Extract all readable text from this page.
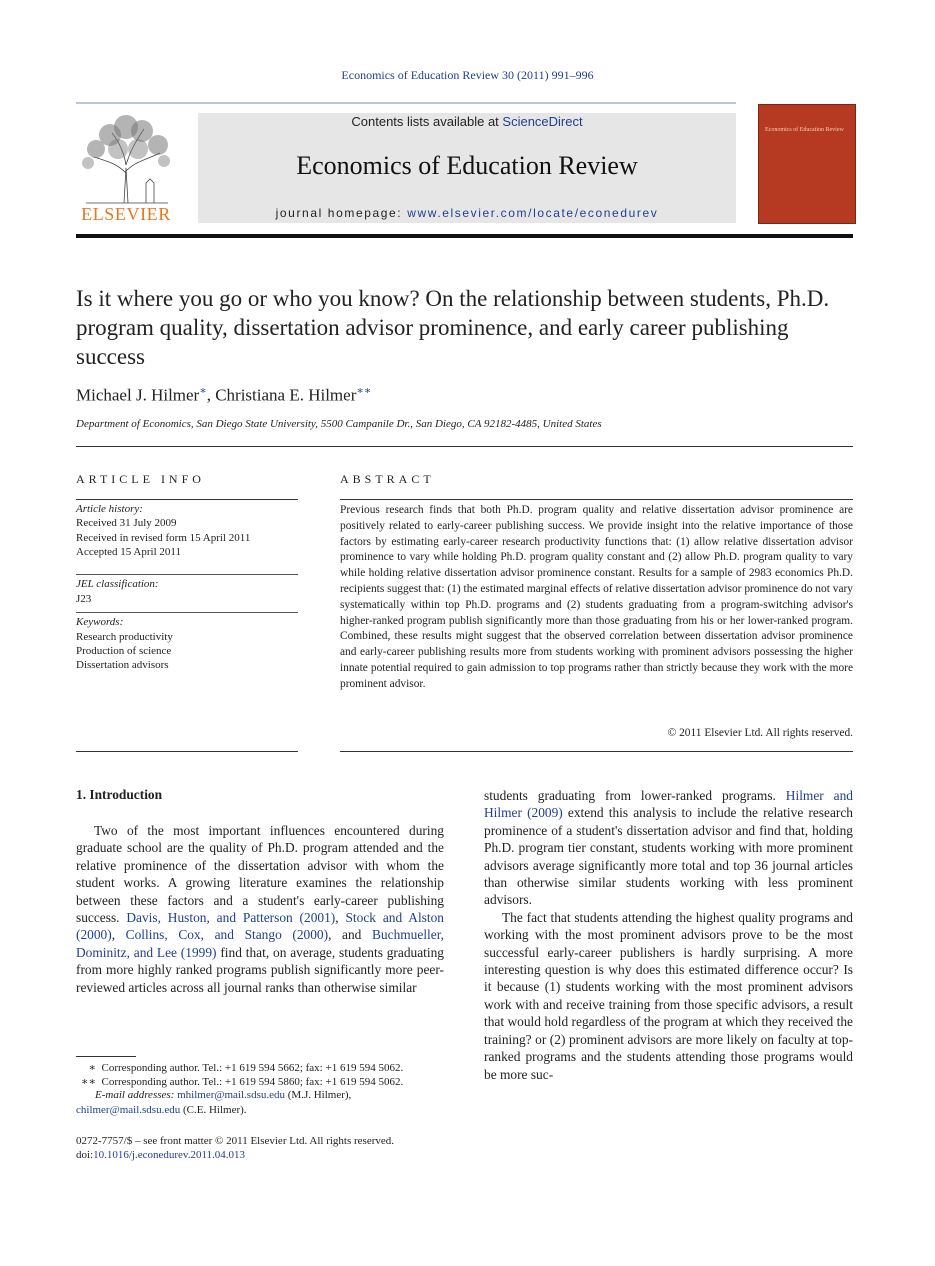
Economics of Education Review 30 (2011) 991–996
ELSEVIER
Contents lists available at ScienceDirect
Economics of Education Review
journal homepage: www.elsevier.com/locate/econedurev
Economics of Education Review
Is it where you go or who you know? On the relationship between students, Ph.D. program quality, dissertation advisor prominence, and early career publishing success
Michael J. Hilmer∗, Christiana E. Hilmer∗∗
Department of Economics, San Diego State University, 5500 Campanile Dr., San Diego, CA 92182-4485, United States
ARTICLE INFO
Article history:
Received 31 July 2009
Received in revised form 15 April 2011
Accepted 15 April 2011
JEL classification:
J23
Keywords:
Research productivity
Production of science
Dissertation advisors
ABSTRACT
Previous research finds that both Ph.D. program quality and relative dissertation advisor prominence are positively related to early-career publishing success. We provide insight into the relative importance of those factors by estimating early-career research productivity functions that: (1) allow relative dissertation advisor prominence to vary while holding Ph.D. program quality constant and (2) allow Ph.D. program quality to vary while holding relative dissertation advisor prominence constant. Results for a sample of 2983 economics Ph.D. recipients suggest that: (1) the estimated marginal effects of relative dissertation advisor prominence do not vary systematically within top Ph.D. programs and (2) students graduating from a program-switching advisor's higher-ranked program publish significantly more than those graduating from his or her lower-ranked program. Combined, these results might suggest that the observed correlation between dissertation advisor prominence and early-career publishing results more from students working with prominent advisors possessing the higher innate potential required to gain admission to top programs rather than strictly because they work with the more prominent advisor.
© 2011 Elsevier Ltd. All rights reserved.
1. Introduction

Two of the most important influences encountered during graduate school are the quality of Ph.D. program attended and the relative prominence of the dissertation advisor with whom the student works. A growing literature examines the relationship between these factors and a student's early-career publishing success. Davis, Huston, and Patterson (2001), Stock and Alston (2000), Collins, Cox, and Stango (2000), and Buchmueller, Dominitz, and Lee (1999) find that, on average, students graduating from more highly ranked programs publish significantly more peer-reviewed articles across all journal ranks than otherwise similar

students graduating from lower-ranked programs. Hilmer and Hilmer (2009) extend this analysis to include the relative research prominence of a student's dissertation advisor and find that, holding Ph.D. program tier constant, students working with more prominent advisors average significantly more total and top 36 journal articles than otherwise similar students working with less prominent advisors.

The fact that students attending the highest quality programs and working with the most prominent advisors prove to be the most successful early-career publishers is hardly surprising. A more interesting question is why does this estimated difference occur? Is it because (1) students working with the most prominent advisors work with and receive training from those specific advisors, a result that would hold regardless of the program at which they received the training? or (2) prominent advisors are more likely on faculty at top-ranked programs and the students attending those programs would be more suc-

∗ Corresponding author. Tel.: +1 619 594 5662; fax: +1 619 594 5062.
∗∗ Corresponding author. Tel.: +1 619 594 5860; fax: +1 619 594 5062.
E-mail addresses: mhilmer@mail.sdsu.edu (M.J. Hilmer),
chilmer@mail.sdsu.edu (C.E. Hilmer).
0272-7757/$ – see front matter © 2011 Elsevier Ltd. All rights reserved.
doi:10.1016/j.econedurev.2011.04.013
